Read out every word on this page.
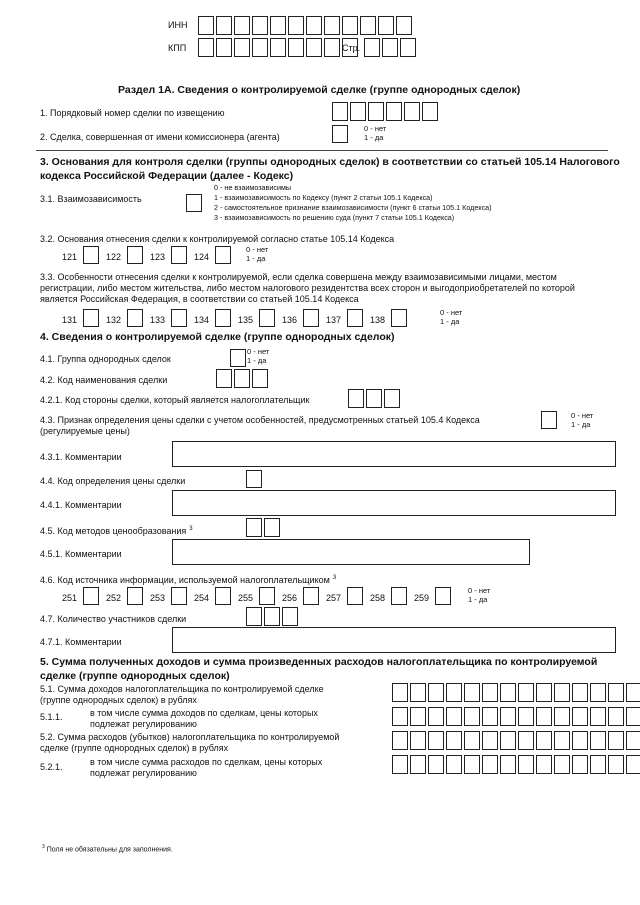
ИНН
КПП	Стр.
Раздел 1А. Сведения о контролируемой сделке (группе однородных сделок)
1. Порядковый номер сделки по извещению
2. Сделка, совершенная от имени комиссионера (агента)
0 - нет
1 - да
3. Основания для контроля сделки (группы однородных сделок) в соответствии со статьей 105.14 Налогового
кодекса Российской Федерации (далее - Кодекс)
3.1. Взаимозависимость
0 - не взаимозависимы
1 - взаимозависимость по Кодексу (пункт 2 статьи 105.1 Кодекса)
2 - самостоятельное признание взаимозависимости (пункт 6 статьи 105.1 Кодекса)
3 - взаимозависимость по решению суда (пункт 7 статьи 105.1 Кодекса)
3.2. Основания отнесения сделки к контролируемой согласно статье 105.14 Кодекса
121	122	123	124
0 - нет
1 - да
3.3. Особенности отнесения сделки к контролируемой, если сделка совершена между взаимозависимыми лицами, местом
регистрации, либо местом жительства, либо местом налогового резидентства всех сторон и выгодоприобретателей по которой
является Российская Федерация, в соответствии со статьей 105.14 Кодекса
131	132	133	134	135	136	137	138
0 - нет
1 - да
4. Сведения о контролируемой сделке (группе однородных сделок)
4.1. Группа однородных сделок
0 - нет
1 - да
4.2. Код наименования сделки
4.2.1. Код стороны сделки, который является налогоплательщик
4.3. Признак определения цены сделки с учетом особенностей, предусмотренных статьей 105.4 Кодекса
(регулируемые цены)
0 - нет
1 - да
4.3.1. Комментарии
4.4. Код определения цены сделки
4.4.1. Комментарии
4.5. Код методов ценообразования $^3$
4.5.1. Комментарии
4.6. Код источника информации, используемой налогоплательщиком $^3$
251	252	253	254	255	256	257	258	259
0 - нет
1 - да
4.7. Количество участников сделки
4.7.1. Комментарии
5. Сумма полученных доходов и сумма произведенных расходов налогоплательщика по контролируемой
сделке (группе однородных сделок)
5.1. Сумма доходов налогоплательщика по контролируемой сделке
(группе однородных сделок) в рублях
5.1.1.	в том числе сумма доходов по сделкам, цены которых
подлежат регулированию
5.2. Сумма расходов (убытков) налогоплательщика по контролируемой
сделке (группе однородных сделок) в рублях
5.2.1.	в том числе сумма расходов по сделкам, цены которых
подлежат регулированию
$^3$ Поля не обязательны для заполнения.
